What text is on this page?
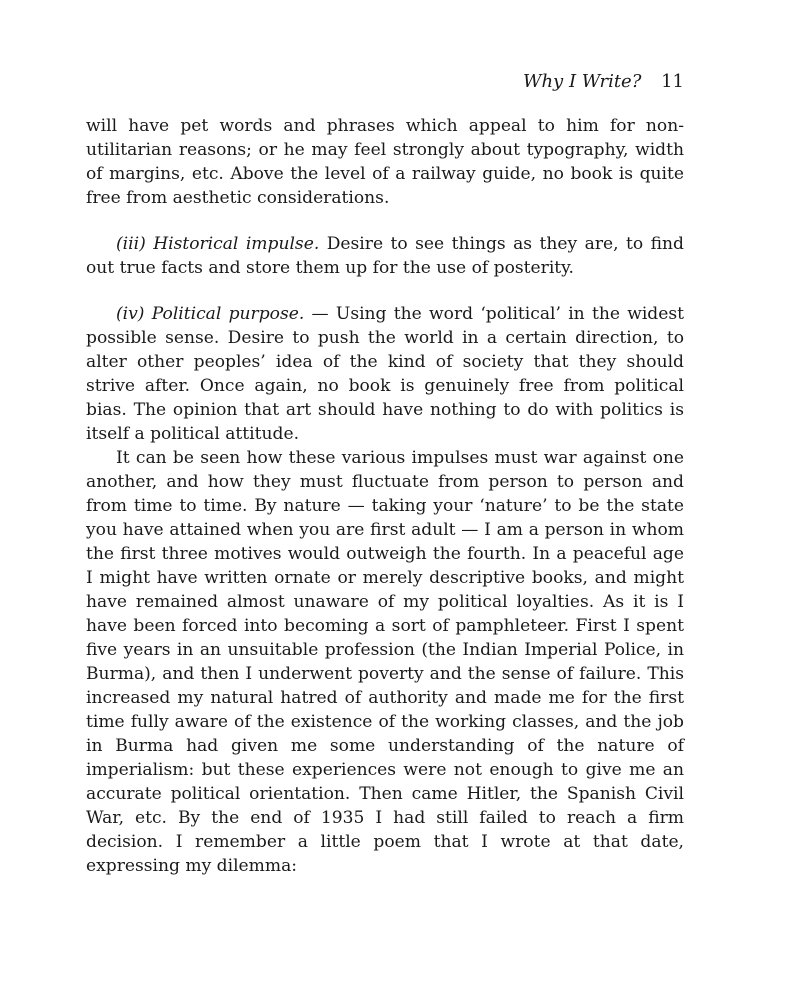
Why I Write? 11

will have pet words and phrases which appeal to him for non-utilitarian reasons; or he may feel strongly about typography, width of margins, etc. Above the level of a railway guide, no book is quite free from aesthetic considerations.

(iii) Historical impulse. Desire to see things as they are, to find out true facts and store them up for the use of posterity.

(iv) Political purpose. — Using the word ‘political’ in the widest possible sense. Desire to push the world in a certain direction, to alter other peoples’ idea of the kind of society that they should strive after. Once again, no book is genuinely free from political bias. The opinion that art should have nothing to do with politics is itself a political attitude.

It can be seen how these various impulses must war against one another, and how they must fluctuate from person to person and from time to time. By nature — taking your ‘nature’ to be the state you have attained when you are first adult — I am a person in whom the first three motives would outweigh the fourth. In a peaceful age I might have written ornate or merely descriptive books, and might have remained almost unaware of my political loyalties. As it is I have been forced into becoming a sort of pamphleteer. First I spent five years in an unsuitable profession (the Indian Imperial Police, in Burma), and then I underwent poverty and the sense of failure. This increased my natural hatred of authority and made me for the first time fully aware of the existence of the working classes, and the job in Burma had given me some understanding of the nature of imperialism: but these experiences were not enough to give me an accurate political orientation. Then came Hitler, the Spanish Civil War, etc. By the end of 1935 I had still failed to reach a firm decision. I remember a little poem that I wrote at that date, expressing my dilemma:
